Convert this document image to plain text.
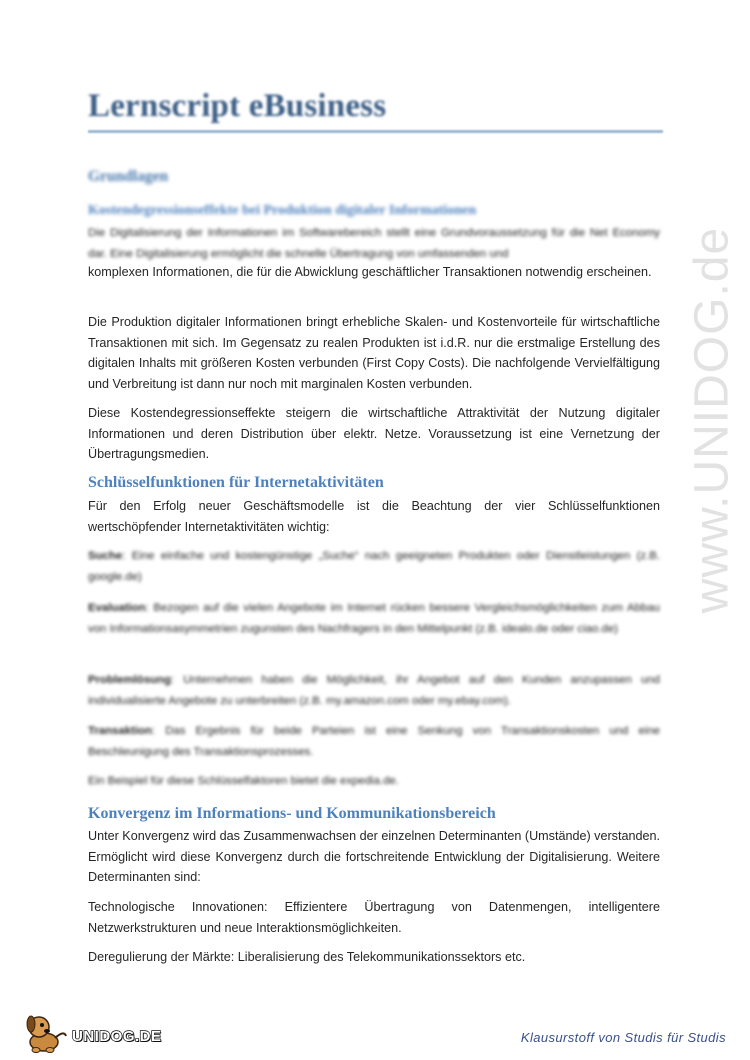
www.UNIDOG.de
Lernscript eBusiness
Grundlagen
Kostendegressionseffekte bei Produktion digitaler Informationen
Die Digitalisierung der Informationen im Softwarebereich stellt eine Grundvoraussetzung für die Net Economy dar. Eine Digitalisierung ermöglicht die schnelle Übertragung von umfassenden und
komplexen Informationen, die für die Abwicklung geschäftlicher Transaktionen notwendig erscheinen.
Die Produktion digitaler Informationen bringt erhebliche Skalen- und Kostenvorteile für wirtschaftliche Transaktionen mit sich. Im Gegensatz zu realen Produkten ist i.d.R. nur die erstmalige Erstellung des digitalen Inhalts mit größeren Kosten verbunden (First Copy Costs). Die nachfolgende Vervielfältigung und Verbreitung ist dann nur noch mit marginalen Kosten verbunden.
Diese Kostendegressionseffekte steigern die wirtschaftliche Attraktivität der Nutzung digitaler Informationen und deren Distribution über elektr. Netze. Voraussetzung ist eine Vernetzung der Übertragungsmedien.
Schlüsselfunktionen für Internetaktivitäten
Für den Erfolg neuer Geschäftsmodelle ist die Beachtung der vier Schlüsselfunktionen wertschöpfender Internetaktivitäten wichtig:
Suche: Eine einfache und kostengünstige „Suche“ nach geeigneten Produkten oder Dienstleistungen (z.B. google.de)
Evaluation: Bezogen auf die vielen Angebote im Internet rücken bessere Vergleichsmöglichkeiten zum Abbau von Informationsasymmetrien zugunsten des Nachfragers in den Mittelpunkt (z.B. idealo.de oder ciao.de)
Problemlösung: Unternehmen haben die Möglichkeit, ihr Angebot auf den Kunden anzupassen und individualisierte Angebote zu unterbreiten (z.B. my.amazon.com oder my.ebay.com).
Transaktion: Das Ergebnis für beide Parteien ist eine Senkung von Transaktionskosten und eine Beschleunigung des Transaktionsprozesses.
Ein Beispiel für diese Schlüsselfaktoren bietet die expedia.de.
Konvergenz im Informations- und Kommunikationsbereich
Unter Konvergenz wird das Zusammenwachsen der einzelnen Determinanten (Umstände) verstanden. Ermöglicht wird diese Konvergenz durch die fortschreitende Entwicklung der Digitalisierung. Weitere Determinanten sind:
Technologische Innovationen: Effizientere Übertragung von Datenmengen, intelligentere Netzwerkstrukturen und neue Interaktionsmöglichkeiten.
Deregulierung der Märkte: Liberalisierung des Telekommunikationssektors etc.
UNIDOG.DE	Klausurstoff von Studis für Studis
